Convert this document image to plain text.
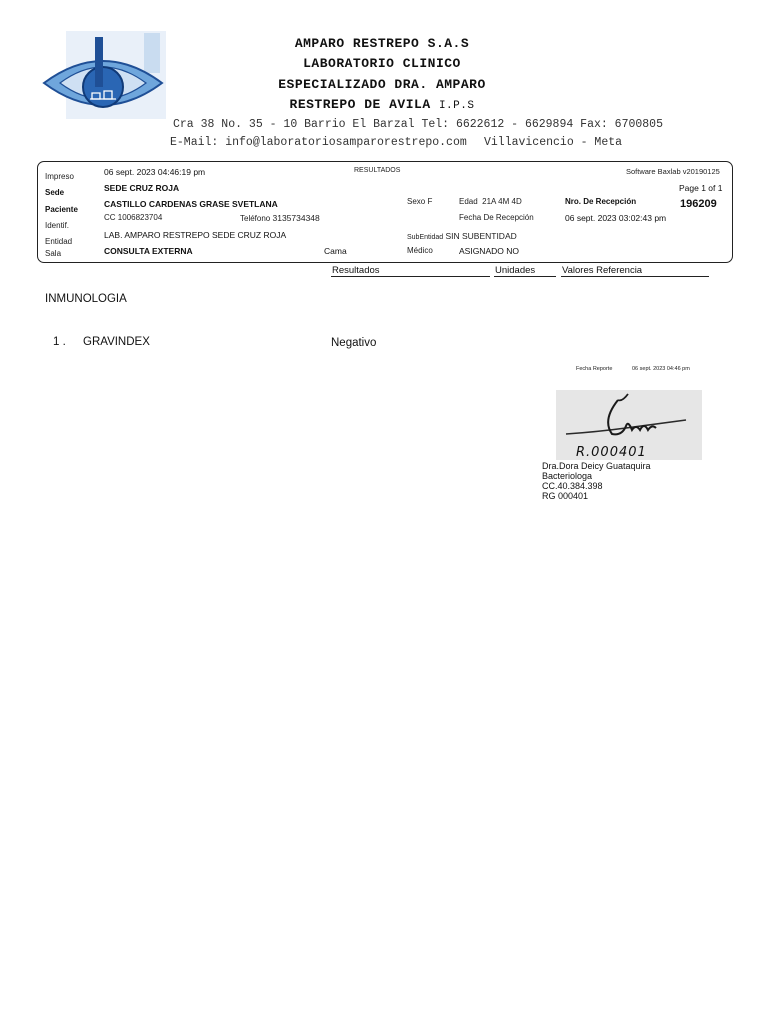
AMPARO RESTREPO S.A.S
LABORATORIO CLINICO
ESPECIALIZADO DRA. AMPARO
RESTREPO DE AVILA I.P.S
Cra 38 No. 35 - 10 Barrio El Barzal Tel: 6622612 - 6629894 Fax: 6700805
E-Mail: info@laboratoriosamparorestrepo.com Villavicencio - Meta
Impreso	06 sept. 2023 04:46:19 pm	RESULTADOS	Software Baxlab v20190125
Sede	SEDE CRUZ ROJA	Page 1 of 1
Paciente
CASTILLO CARDENAS GRASE SVETLANA	Sexo F	Edad 21A 4M 4D	Nro. De Recepción	196209
Identif.
CC 1006823704	Teléfono 3135734348	Fecha De Recepción	06 sept. 2023 03:02:43 pm
Entidad
LAB. AMPARO RESTREPO SEDE CRUZ ROJA	SubEntidad SIN SUBENTIDAD
Sala	CONSULTA EXTERNA	Cama	Médico	ASIGNADO NO
Resultados	Unidades	Valores Referencia
INMUNOLOGIA
1 . GRAVINDEX	Negativo
Fecha Reporte	06 sept. 2023 04:46 pm
R.000401
Dra.Dora Deicy Guataquira
Bacteriologa
CC.40.384.398
RG 000401
